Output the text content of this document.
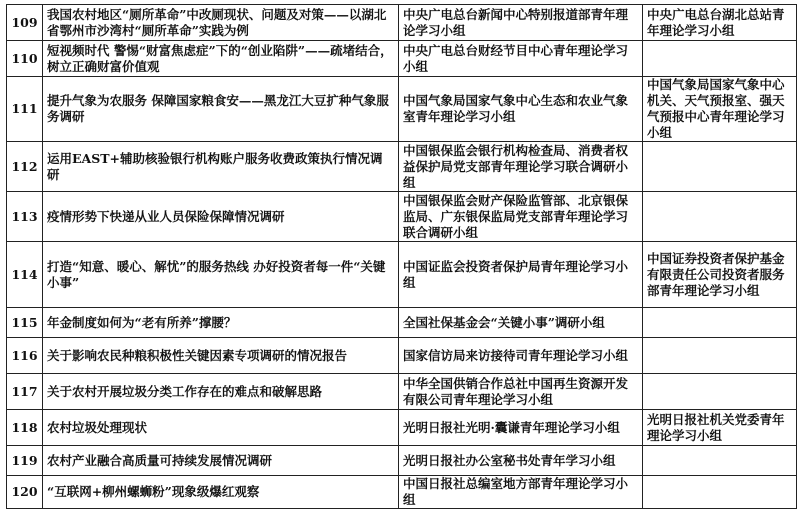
109	我国农村地区“厕所革命”中改厕现状、问题及对策——以湖北省鄂州市沙湾村“厕所革命”实践为例	中央广电总台新闻中心特别报道部青年理论学习小组	中央广电总台湖北总站青年理论学习小组
110	短视频时代 警惕“财富焦虑症”下的“创业陷阱”——疏堵结合，树立正确财富价值观	中央广电总台财经节目中心青年理论学习小组	
111	提升气象为农服务 保障国家粮食安——黑龙江大豆扩种气象服务调研	中国气象局国家气象中心生态和农业气象室青年理论学习小组	中国气象局国家气象中心机关、天气预报室、强天气预报中心青年理论学习小组
112	运用EAST+辅助核验银行机构账户服务收费政策执行情况调研	中国银保监会银行机构检查局、消费者权益保护局党支部青年理论学习联合调研小组	
113	疫情形势下快递从业人员保险保障情况调研	中国银保监会财产保险监管部、北京银保监局、广东银保监局党支部青年理论学习联合调研小组	
114	打造“知意、暖心、解忧”的服务热线 办好投资者每一件“关键小事”	中国证监会投资者保护局青年理论学习小组	中国证券投资者保护基金有限责任公司投资者服务部青年理论学习小组
115	年金制度如何为“老有所养”撑腰？	全国社保基金会“关键小事”调研小组	
116	关于影响农民种粮积极性关键因素专项调研的情况报告	国家信访局来访接待司青年理论学习小组	
117	关于农村开展垃圾分类工作存在的难点和破解思路	中华全国供销合作总社中国再生资源开发有限公司青年理论学习小组	
118	农村垃圾处理现状	光明日报社光明·囊谦青年理论学习小组	光明日报社机关党委青年理论学习小组
119	农村产业融合高质量可持续发展情况调研	光明日报社办公室秘书处青年学习小组	
120	“互联网+柳州螺蛳粉”现象级爆红观察	中国日报社总编室地方部青年理论学习小组	
